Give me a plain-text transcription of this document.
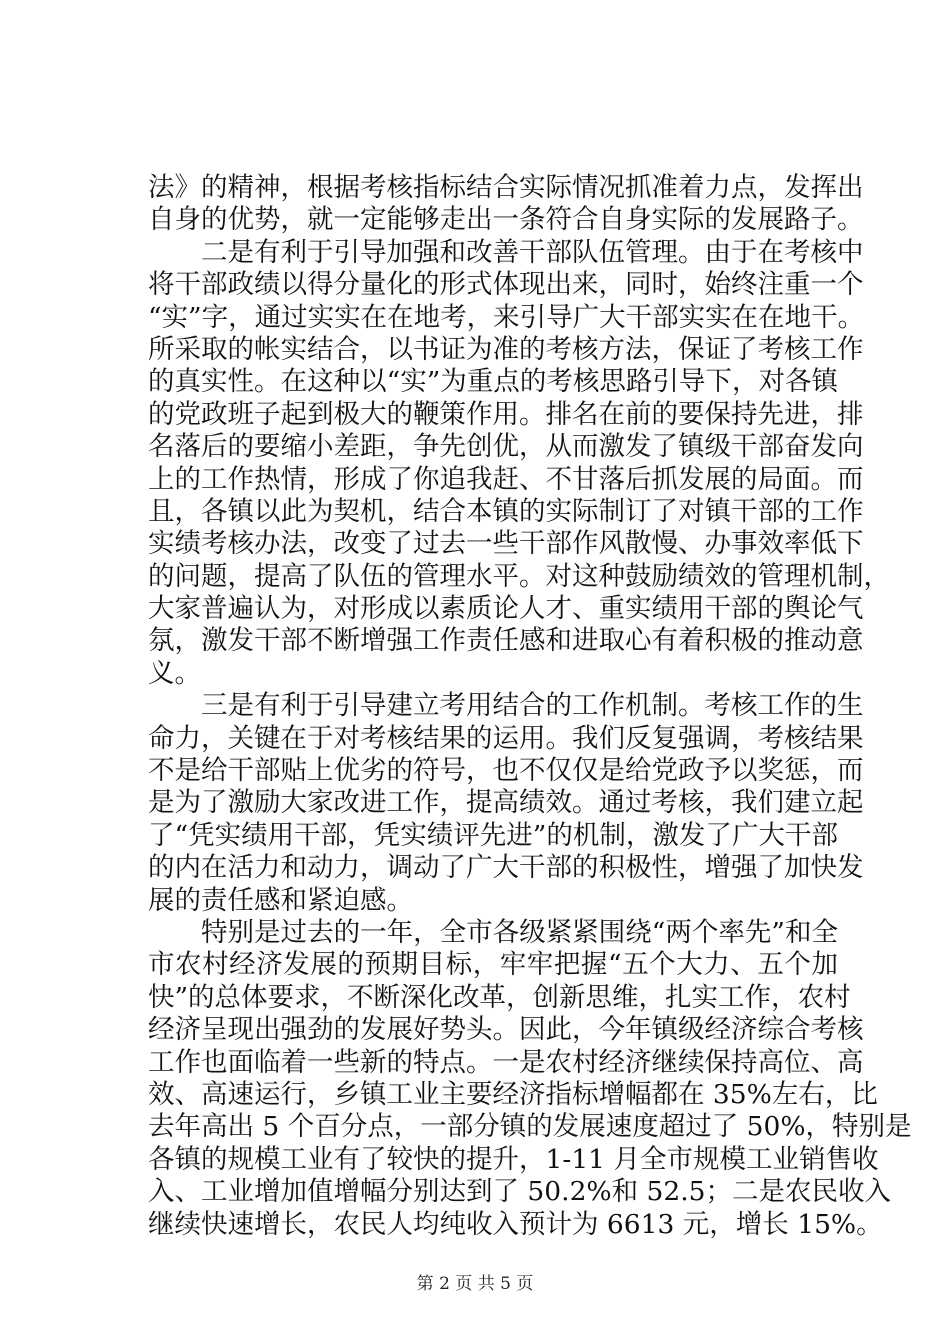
法》的精神，根据考核指标结合实际情况抓准着力点，发挥出
自身的优势，就一定能够走出一条符合自身实际的发展路子。
二是有利于引导加强和改善干部队伍管理。由于在考核中
将干部政绩以得分量化的形式体现出来，同时，始终注重一个
“实”字，通过实实在在地考，来引导广大干部实实在在地干。
所采取的帐实结合，以书证为准的考核方法，保证了考核工作
的真实性。在这种以“实”为重点的考核思路引导下，对各镇
的党政班子起到极大的鞭策作用。排名在前的要保持先进，排
名落后的要缩小差距，争先创优，从而激发了镇级干部奋发向
上的工作热情，形成了你追我赶、不甘落后抓发展的局面。而
且，各镇以此为契机，结合本镇的实际制订了对镇干部的工作
实绩考核办法，改变了过去一些干部作风散慢、办事效率低下
的问题，提高了队伍的管理水平。对这种鼓励绩效的管理机制，
大家普遍认为，对形成以素质论人才、重实绩用干部的舆论气
氛，激发干部不断增强工作责任感和进取心有着积极的推动意
义。
三是有利于引导建立考用结合的工作机制。考核工作的生
命力，关键在于对考核结果的运用。我们反复强调，考核结果
不是给干部贴上优劣的符号，也不仅仅是给党政予以奖惩，而
是为了激励大家改进工作，提高绩效。通过考核，我们建立起
了“凭实绩用干部，凭实绩评先进”的机制，激发了广大干部
的内在活力和动力，调动了广大干部的积极性，增强了加快发
展的责任感和紧迫感。
特别是过去的一年，全市各级紧紧围绕“两个率先”和全
市农村经济发展的预期目标，牢牢把握“五个大力、五个加
快”的总体要求，不断深化改革，创新思维，扎实工作，农村
经济呈现出强劲的发展好势头。因此，今年镇级经济综合考核
工作也面临着一些新的特点。一是农村经济继续保持高位、高
效、高速运行，乡镇工业主要经济指标增幅都在 35%左右，比
去年高出 5 个百分点，一部分镇的发展速度超过了 50%，特别是
各镇的规模工业有了较快的提升，1-11 月全市规模工业销售收
入、工业增加值增幅分别达到了 50.2%和 52.5；二是农民收入
继续快速增长，农民人均纯收入预计为 6613 元，增长 15%。
第 2 页 共 5 页
